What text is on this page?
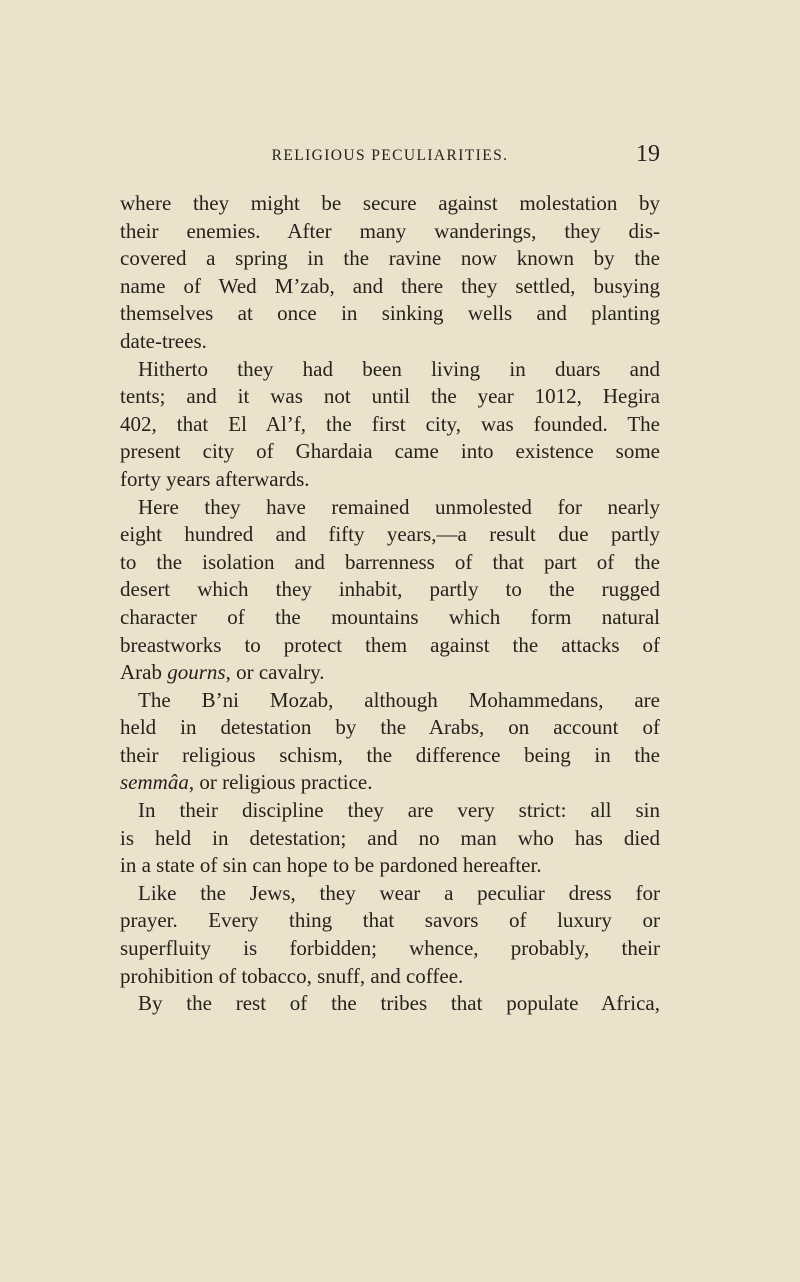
RELIGIOUS PECULIARITIES.	19
where they might be secure against molestation by
their enemies. After many wanderings, they dis-
covered a spring in the ravine now known by the
name of Wed M’zab, and there they settled, busying
themselves at once in sinking wells and planting
date-trees.
Hitherto they had been living in duars and
tents; and it was not until the year 1012, Hegira
402, that El Al’f, the first city, was founded. The
present city of Ghardaia came into existence some
forty years afterwards.
Here they have remained unmolested for nearly
eight hundred and fifty years,—a result due partly
to the isolation and barrenness of that part of the
desert which they inhabit, partly to the rugged
character of the mountains which form natural
breastworks to protect them against the attacks of
Arab gourns, or cavalry.
The B’ni Mozab, although Mohammedans, are
held in detestation by the Arabs, on account of
their religious schism, the difference being in the
semmâa, or religious practice.
In their discipline they are very strict: all sin
is held in detestation; and no man who has died
in a state of sin can hope to be pardoned hereafter.
Like the Jews, they wear a peculiar dress for
prayer. Every thing that savors of luxury or
superfluity is forbidden; whence, probably, their
prohibition of tobacco, snuff, and coffee.
By the rest of the tribes that populate Africa,
